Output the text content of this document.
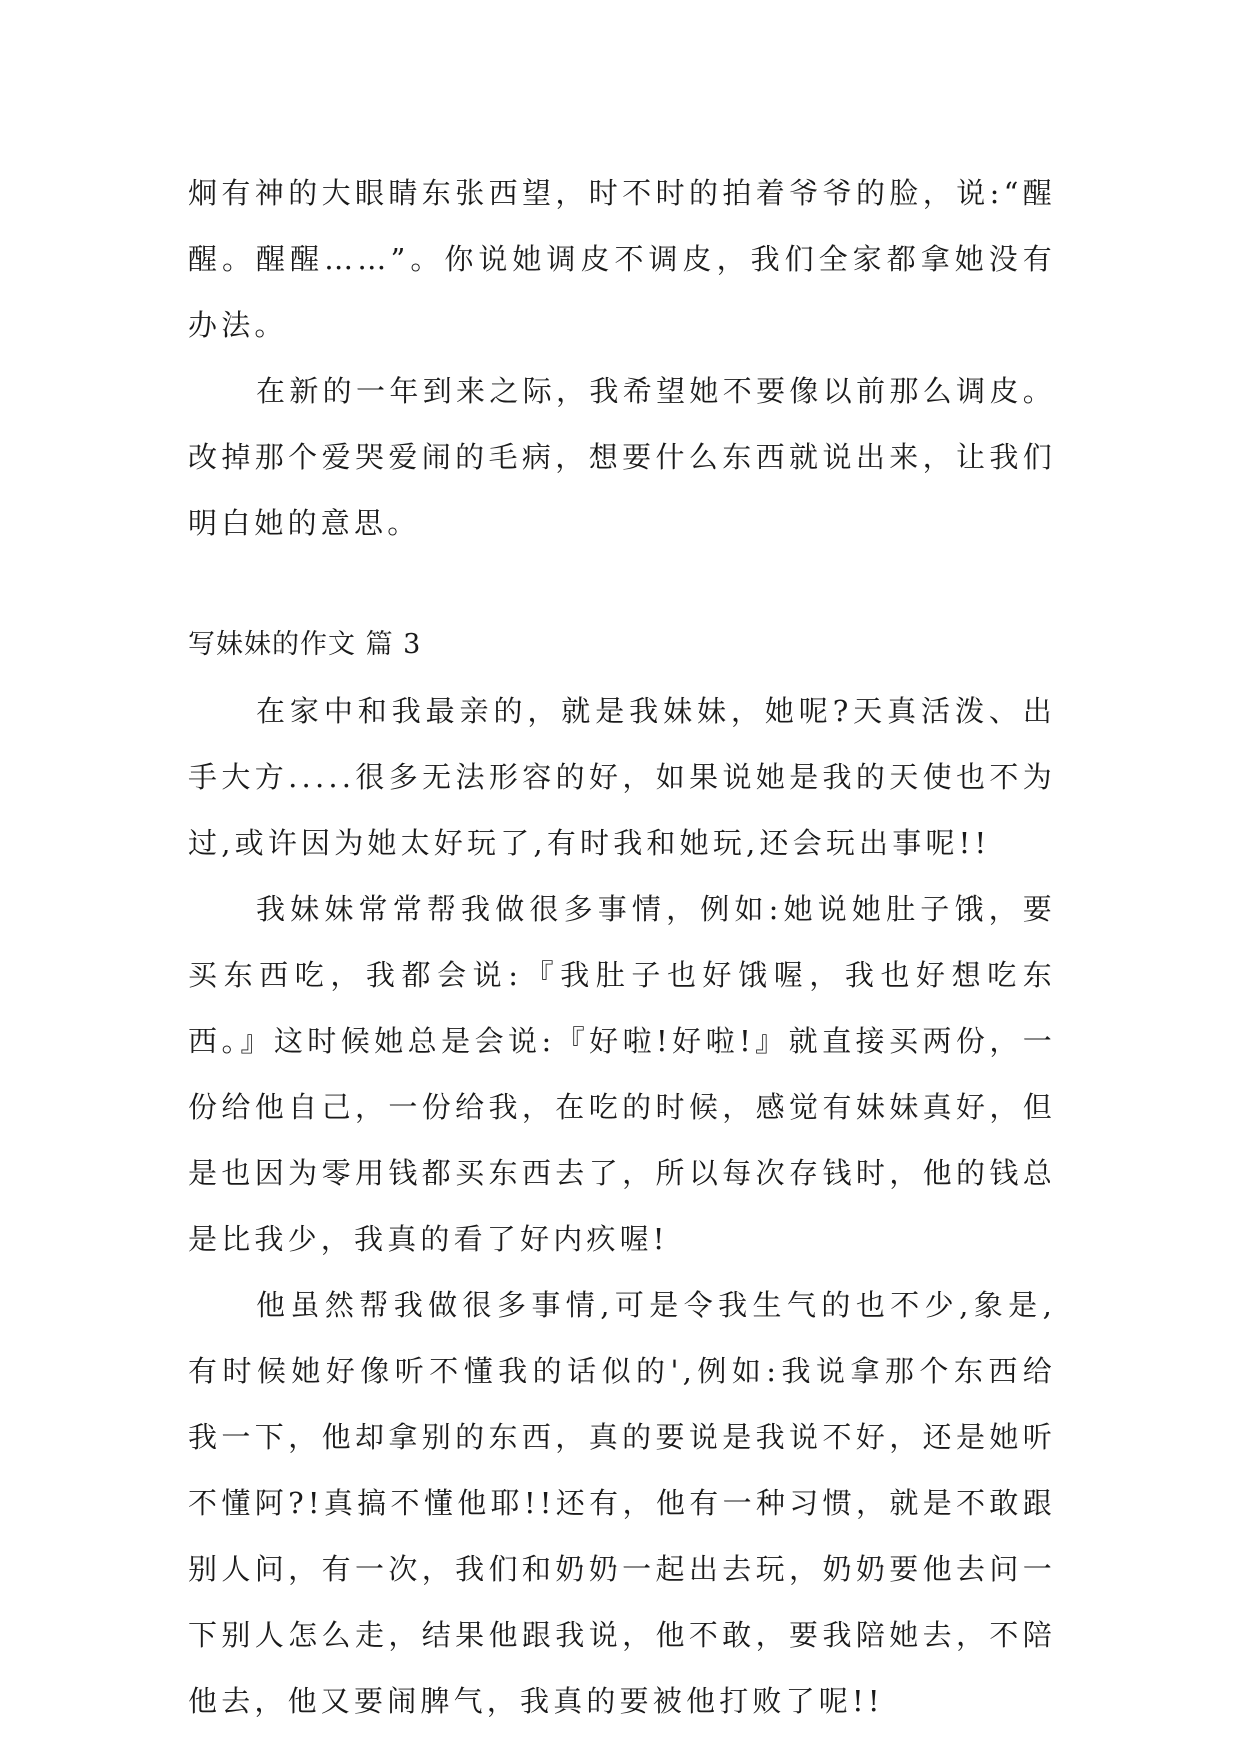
炯有神的大眼睛东张西望，时不时的拍着爷爷的脸，说:“醒醒。醒醒……”。你说她调皮不调皮，我们全家都拿她没有办法。

在新的一年到来之际，我希望她不要像以前那么调皮。改掉那个爱哭爱闹的毛病，想要什么东西就说出来，让我们明白她的意思。

写妹妹的作文 篇 3

在家中和我最亲的，就是我妹妹，她呢?天真活泼、出手大方.....很多无法形容的好，如果说她是我的天使也不为过,或许因为她太好玩了,有时我和她玩,还会玩出事呢!!

我妹妹常常帮我做很多事情，例如:她说她肚子饿，要买东西吃，我都会说:『我肚子也好饿喔，我也好想吃东西。』这时候她总是会说:『好啦!好啦!』就直接买两份，一份给他自己，一份给我，在吃的时候，感觉有妹妹真好，但是也因为零用钱都买东西去了，所以每次存钱时，他的钱总是比我少，我真的看了好内疚喔!

他虽然帮我做很多事情,可是令我生气的也不少,象是,有时候她好像听不懂我的话似的',例如:我说拿那个东西给我一下，他却拿别的东西，真的要说是我说不好，还是她听不懂阿?!真搞不懂他耶!!还有，他有一种习惯，就是不敢跟别人问，有一次，我们和奶奶一起出去玩，奶奶要他去问一下别人怎么走，结果他跟我说，他不敢，要我陪她去，不陪他去，他又要闹脾气，我真的要被他打败了呢!!
